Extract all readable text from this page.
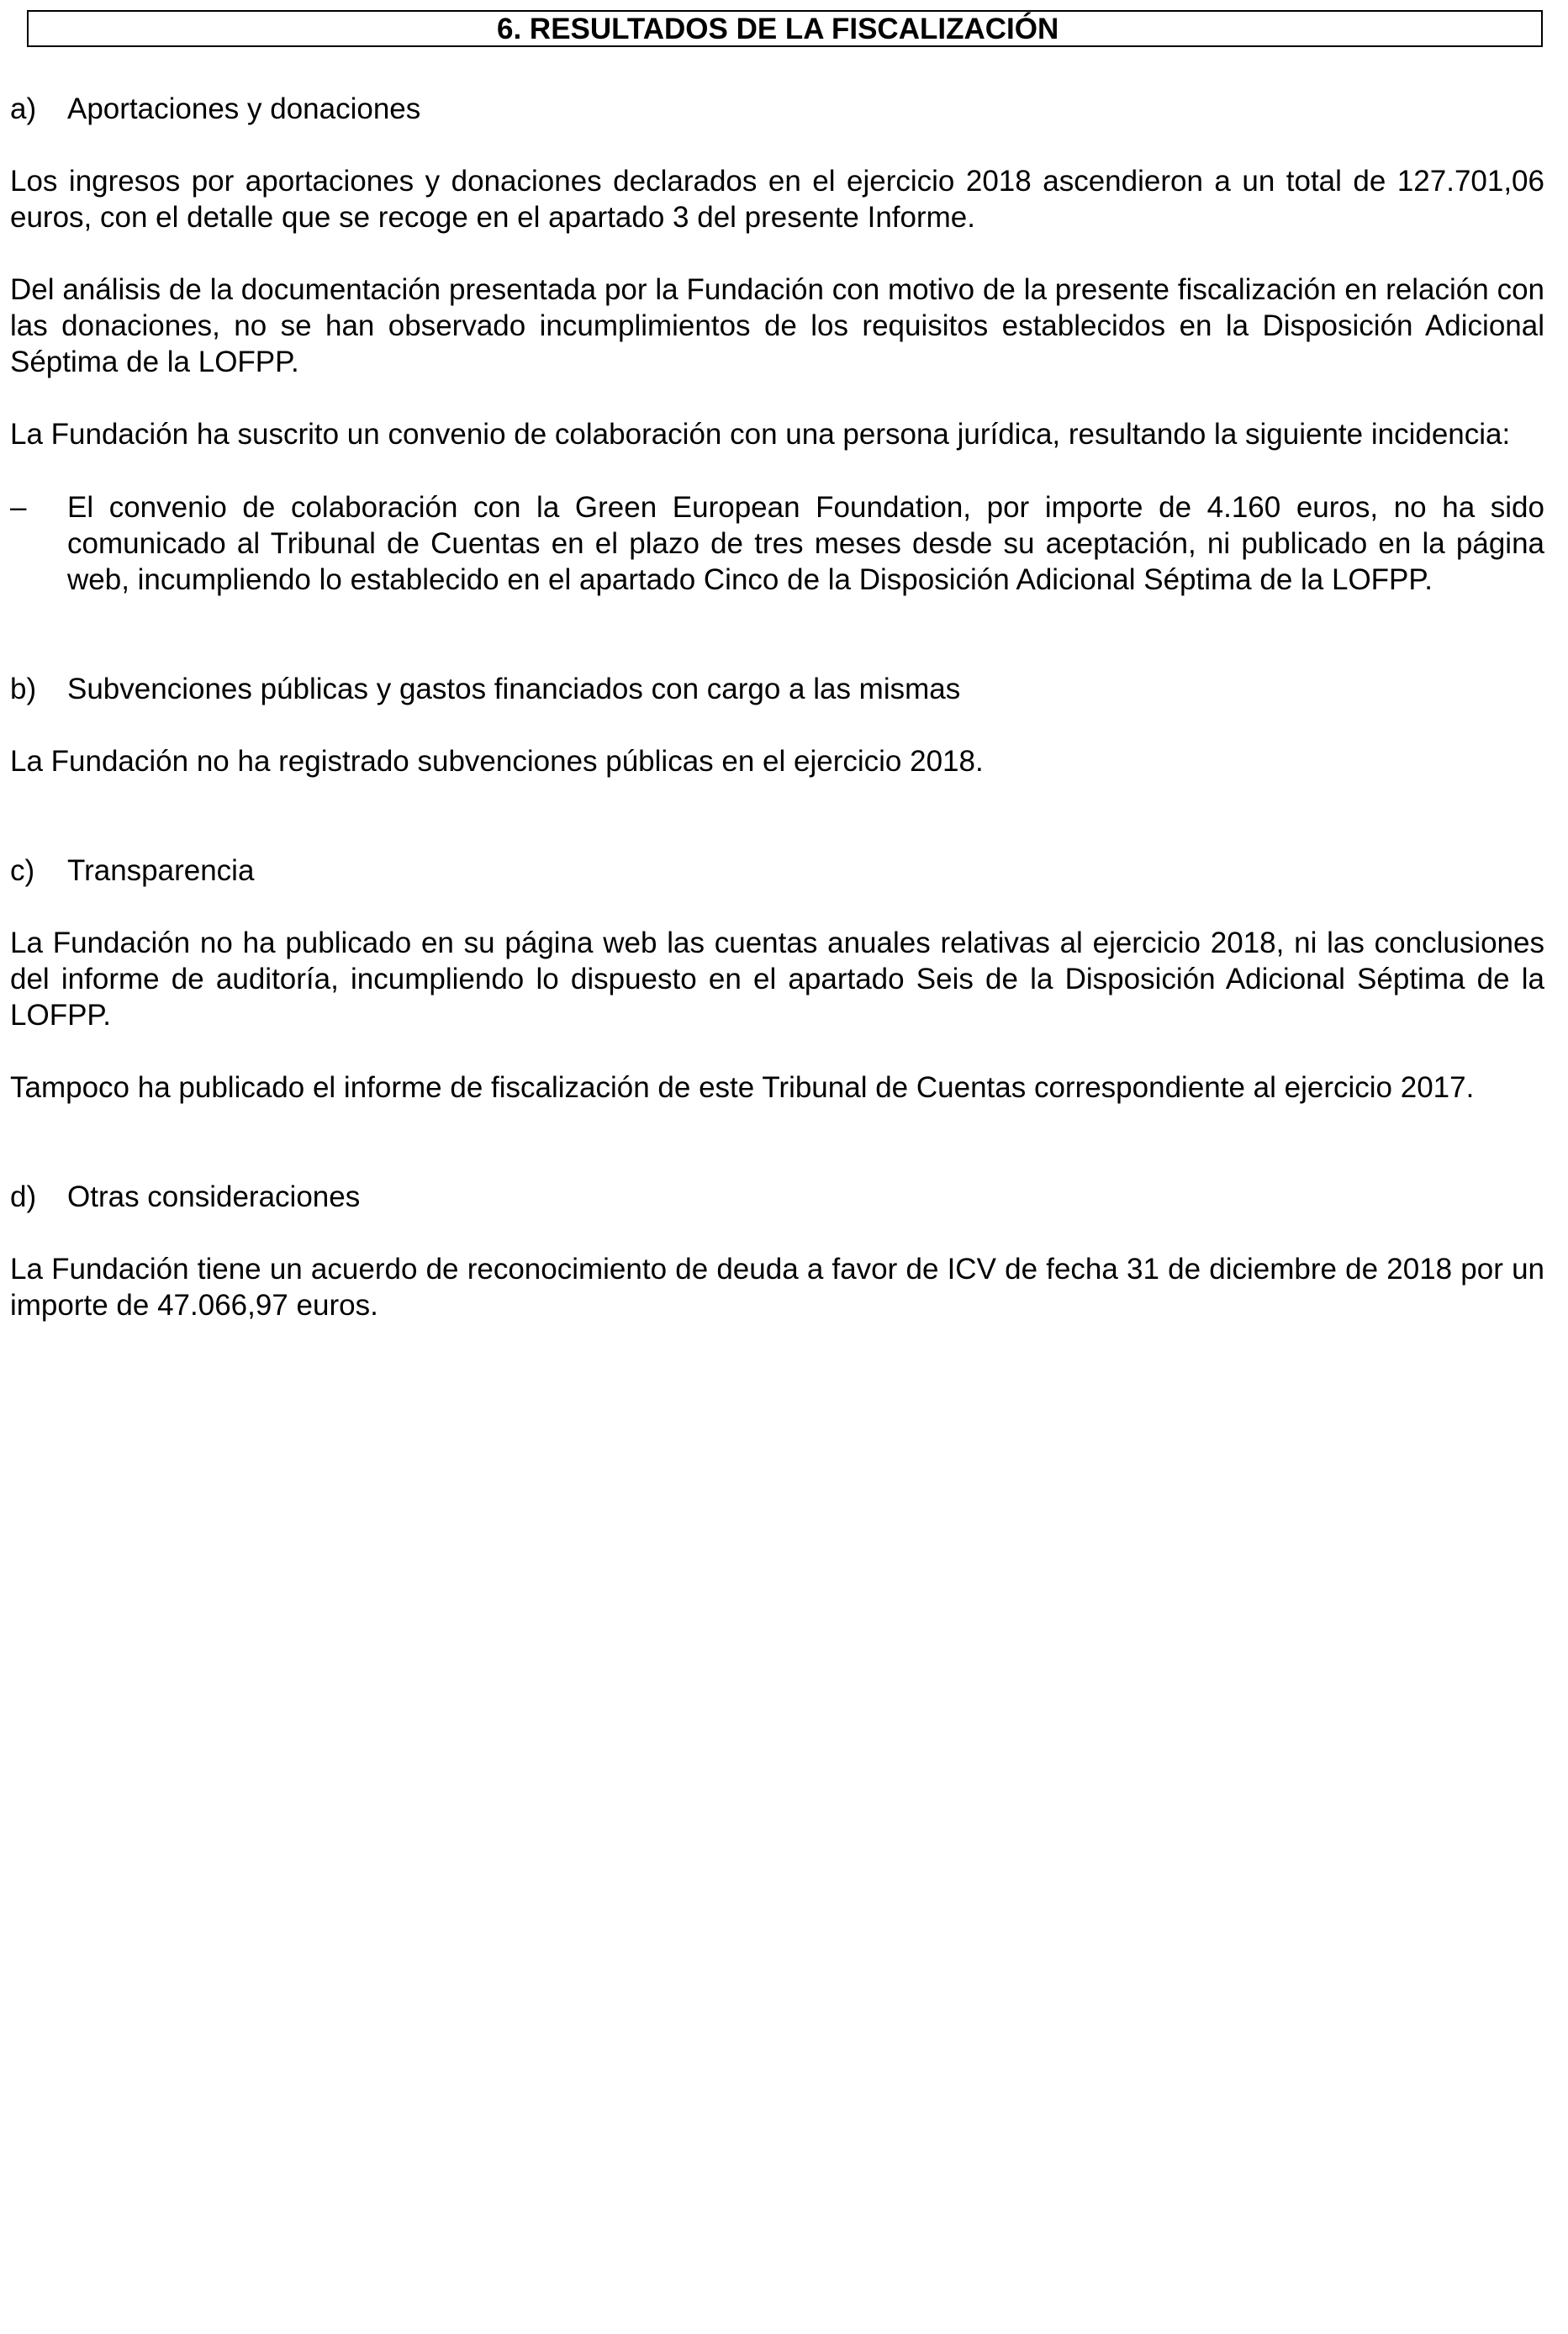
6. RESULTADOS DE LA FISCALIZACIÓN
a)	Aportaciones y donaciones

Los ingresos por aportaciones y donaciones declarados en el ejercicio 2018 ascendieron a un total de 127.701,06 euros, con el detalle que se recoge en el apartado 3 del presente Informe.

Del análisis de la documentación presentada por la Fundación con motivo de la presente fiscalización en relación con las donaciones, no se han observado incumplimientos de los requisitos establecidos en la Disposición Adicional Séptima de la LOFPP.

La Fundación ha suscrito un convenio de colaboración con una persona jurídica, resultando la siguiente incidencia:

–	El convenio de colaboración con la Green European Foundation, por importe de 4.160 euros, no ha sido comunicado al Tribunal de Cuentas en el plazo de tres meses desde su aceptación, ni publicado en la página web, incumpliendo lo establecido en el apartado Cinco de la Disposición Adicional Séptima de la LOFPP.
b)	Subvenciones públicas y gastos financiados con cargo a las mismas

La Fundación no ha registrado subvenciones públicas en el ejercicio 2018.

c)	Transparencia

La Fundación no ha publicado en su página web las cuentas anuales relativas al ejercicio 2018, ni las conclusiones del informe de auditoría, incumpliendo lo dispuesto en el apartado Seis de la Disposición Adicional Séptima de la LOFPP.

Tampoco ha publicado el informe de fiscalización de este Tribunal de Cuentas correspondiente al ejercicio 2017.

d)	Otras consideraciones

La Fundación tiene un acuerdo de reconocimiento de deuda a favor de ICV de fecha 31 de diciembre de 2018 por un importe de 47.066,97 euros.
